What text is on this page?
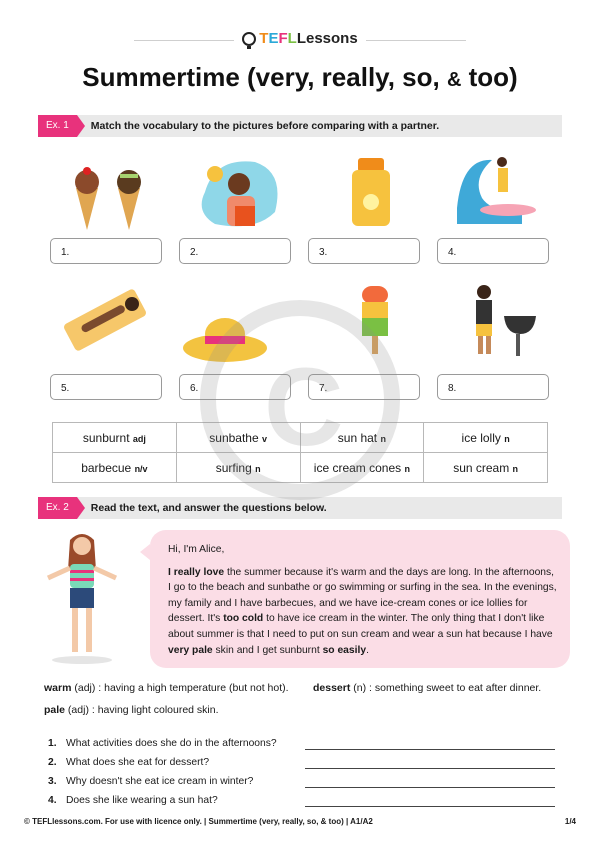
T E F L Lessons
Summertime (very, really, so, & too)
Ex. 1	Match the vocabulary to the pictures before comparing with a partner.
1.	2.	3.	4.
5.	6.	7.	8.
sunburnt adj	sunbathe v	sun hat n	ice lolly n
barbecue n/v	surfing n	ice cream cones n	sun cream n
Ex. 2	Read the text, and answer the questions below.
Hi, I'm Alice,
I really love the summer because it's warm and the days are long. In the afternoons, I go to the beach and sunbathe or go swimming or surfing in the sea. In the evenings, my family and I have barbecues, and we have ice-cream cones or ice lollies for dessert. It's too cold to have ice cream in the winter. The only thing that I don't like about summer is that I need to put on sun cream and wear a sun hat because I have very pale skin and I get sunburnt so easily.
warm (adj) : having a high temperature (but not hot). dessert (n) : something sweet to eat after dinner.
pale (adj) : having light coloured skin.
1. What activities does she do in the afternoons?
2. What does she eat for dessert?
3. Why doesn't she eat ice cream in winter?
4. Does she like wearing a sun hat?
© TEFLlessons.com. For use with licence only. | Summertime (very, really, so, & too) | A1/A2	1/4
C
